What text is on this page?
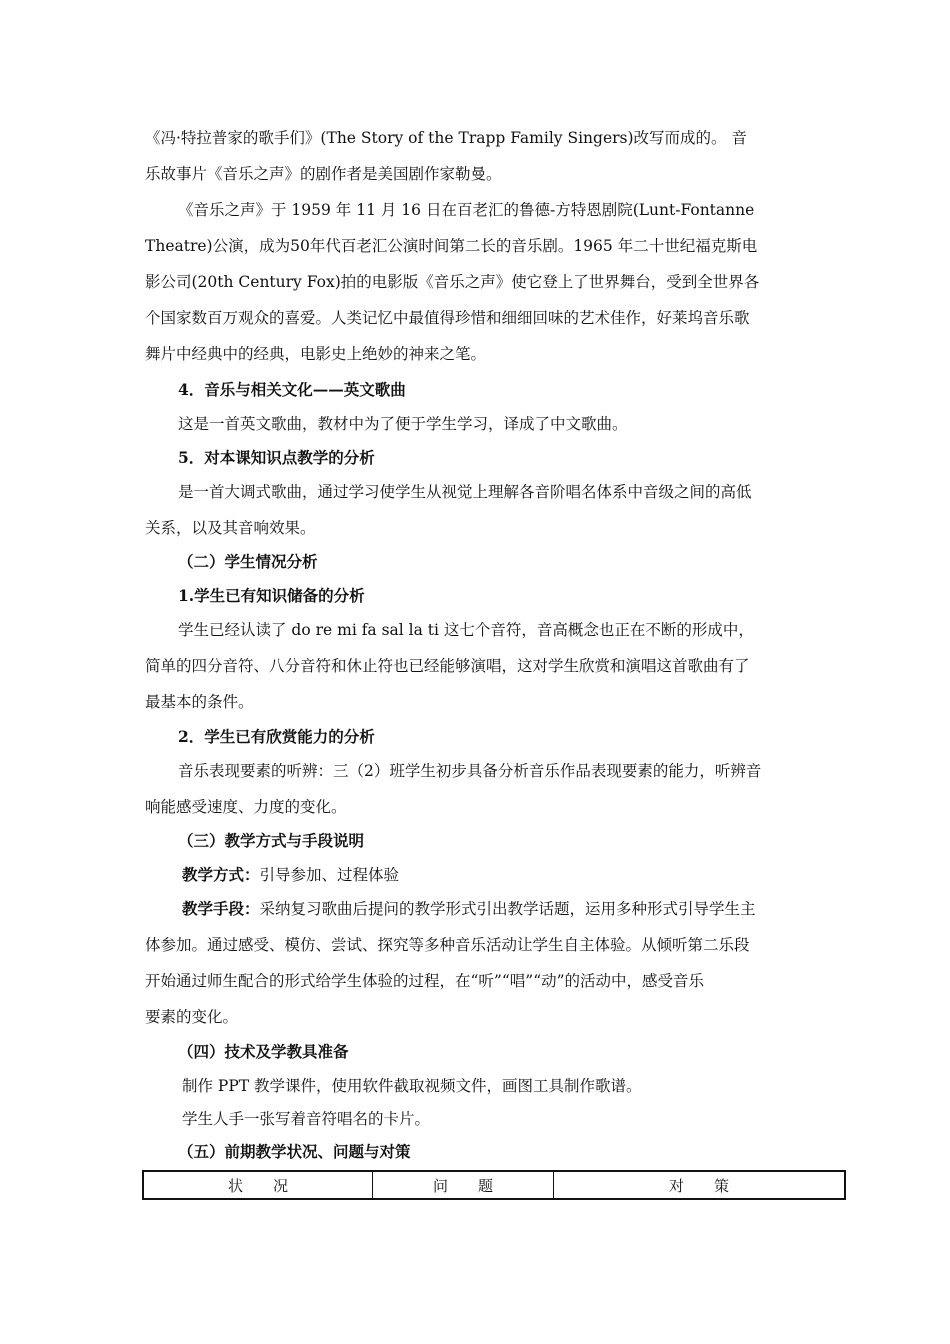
《冯·特拉普家的歌手们》(The Story of the Trapp Family Singers)改写而成的。 音
乐故事片《音乐之声》的剧作者是美国剧作家勒曼。
《音乐之声》于 1959 年 11 月 16 日在百老汇的鲁德-方特恩剧院(Lunt-Fontanne
Theatre)公演，成为50年代百老汇公演时间第二长的音乐剧。1965 年二十世纪福克斯电
影公司(20th Century Fox)拍的电影版《音乐之声》使它登上了世界舞台，受到全世界各
个国家数百万观众的喜爱。人类记忆中最值得珍惜和细细回味的艺术佳作，好莱坞音乐歌
舞片中经典中的经典，电影史上绝妙的神来之笔。
4．音乐与相关文化——英文歌曲
这是一首英文歌曲，教材中为了便于学生学习，译成了中文歌曲。
5．对本课知识点教学的分析
是一首大调式歌曲，通过学习使学生从视觉上理解各音阶唱名体系中音级之间的高低
关系，以及其音响效果。
（二）学生情况分析
1.学生已有知识储备的分析
学生已经认读了 do re mi fa sal la ti 这七个音符，音高概念也正在不断的形成中，
简单的四分音符、八分音符和休止符也已经能够演唱，这对学生欣赏和演唱这首歌曲有了
最基本的条件。
2．学生已有欣赏能力的分析
音乐表现要素的听辨：三（2）班学生初步具备分析音乐作品表现要素的能力，听辨音
响能感受速度、力度的变化。
（三）教学方式与手段说明
教学方式：引导参加、过程体验
教学手段：采纳复习歌曲后提问的教学形式引出教学话题，运用多种形式引导学生主
体参加。通过感受、模仿、尝试、探究等多种音乐活动让学生自主体验。从倾听第二乐段
开始通过师生配合的形式给学生体验的过程，在“听”“唱”“动”的活动中，感受音乐
要素的变化。
（四）技术及学教具准备
制作 PPT 教学课件，使用软件截取视频文件，画图工具制作歌谱。
学生人手一张写着音符唱名的卡片。
（五）前期教学状况、问题与对策
状　　况	问　　题	对　　策
